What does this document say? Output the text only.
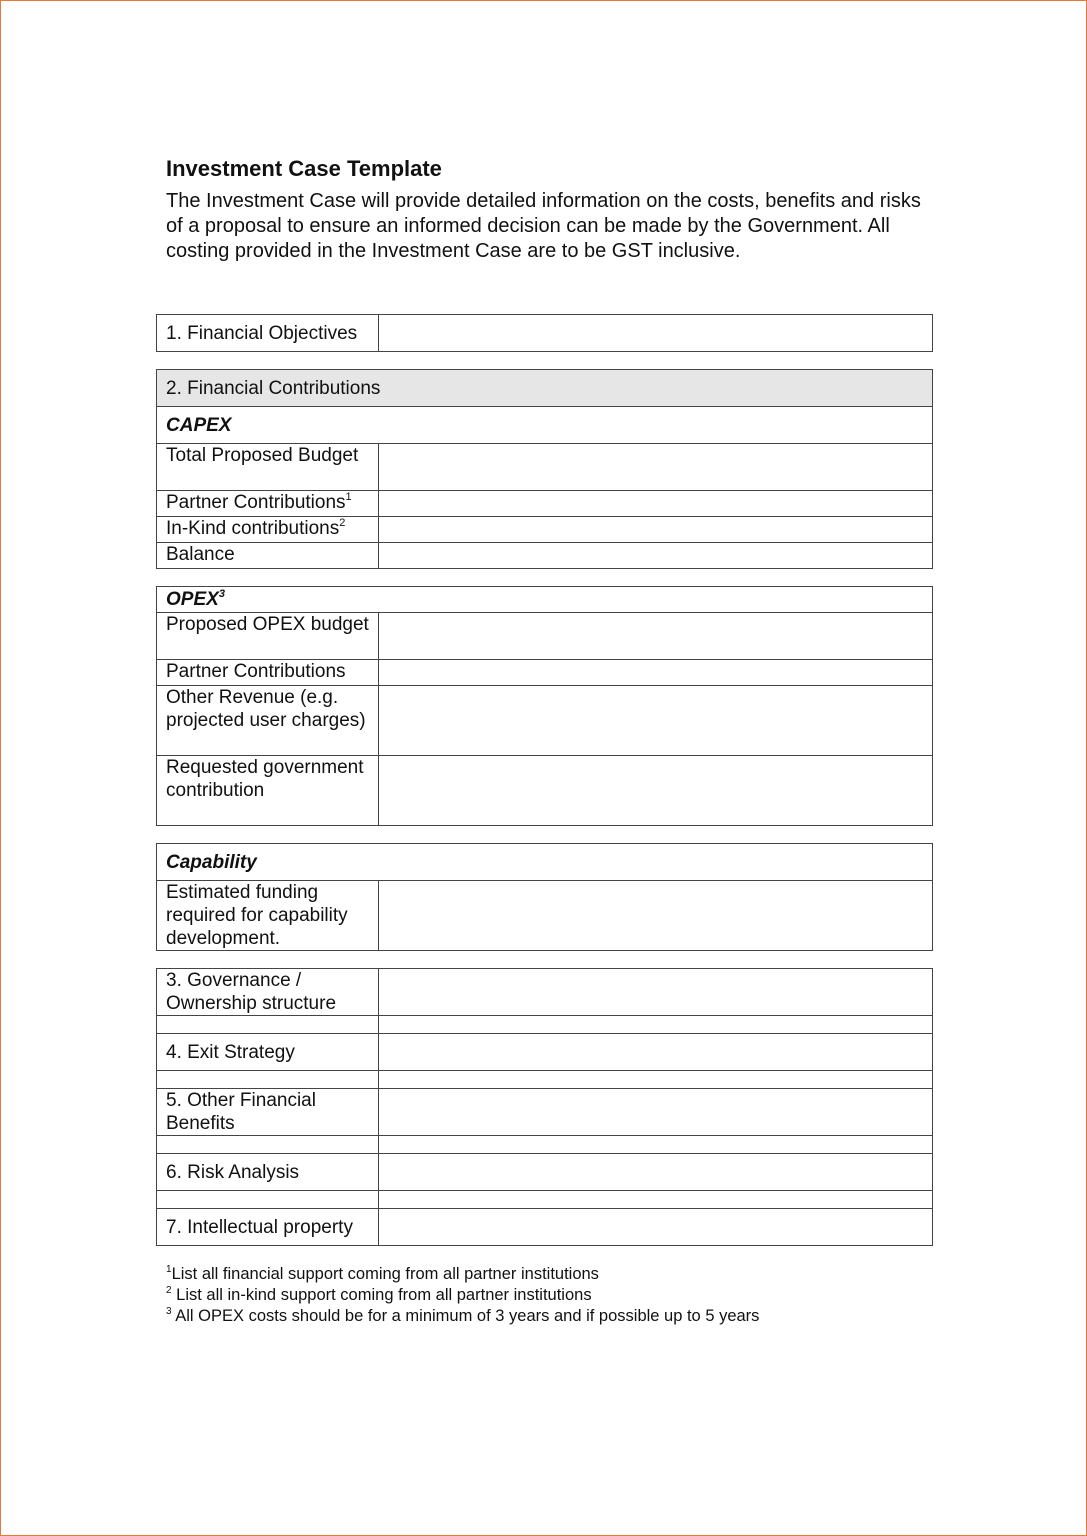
Investment Case Template

The Investment Case will provide detailed information on the costs, benefits and risks of a proposal to ensure an informed decision can be made by the Government. All costing provided in the Investment Case are to be GST inclusive.

1. Financial Objectives	
2. Financial Contributions	
CAPEX	
Total Proposed Budget	
Partner Contributions$^1$	
In-Kind contributions$^2$	
Balance	
OPEX$^3$
Proposed OPEX budget	
Partner Contributions	
Other Revenue (e.g. projected user charges)	
Requested government contribution	
Capability
Estimated funding required for capability development.	
3. Governance / Ownership structure	

4. Exit Strategy	

5. Other Financial Benefits	

6. Risk Analysis	

7. Intellectual property	
$^1$List all financial support coming from all partner institutions
$^2$ List all in-kind support coming from all partner institutions
$^3$ All OPEX costs should be for a minimum of 3 years and if possible up to 5 years
